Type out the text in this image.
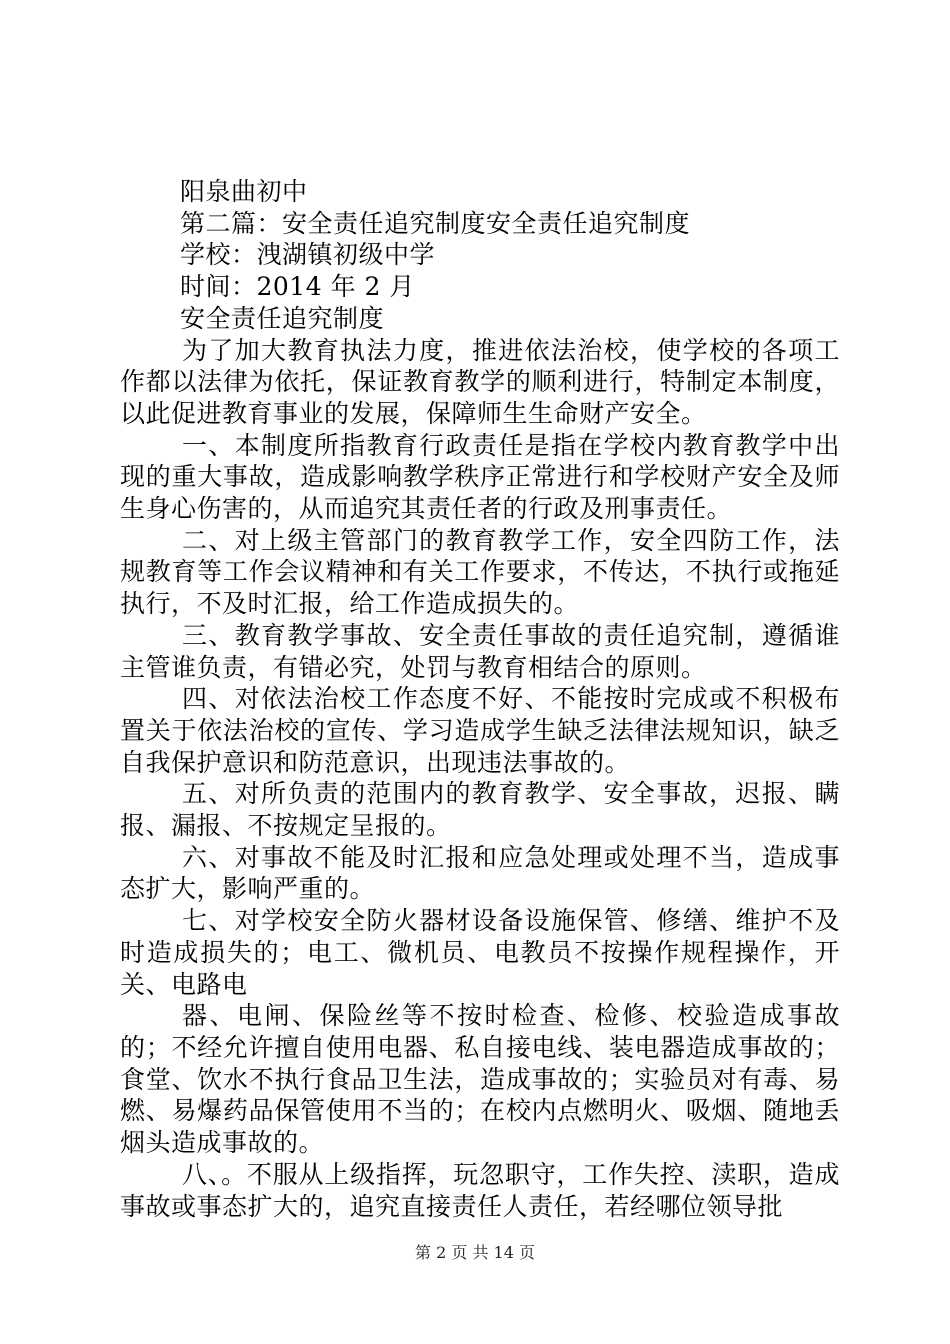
阳泉曲初中

第二篇：安全责任追究制度安全责任追究制度

学校：洩湖镇初级中学

时间：2014 年 2 月

安全责任追究制度

为了加大教育执法力度，推进依法治校，使学校的各项工作都以法律为依托，保证教育教学的顺利进行，特制定本制度，以此促进教育事业的发展，保障师生生命财产安全。

一、本制度所指教育行政责任是指在学校内教育教学中出现的重大事故，造成影响教学秩序正常进行和学校财产安全及师生身心伤害的，从而追究其责任者的行政及刑事责任。

二、对上级主管部门的教育教学工作，安全四防工作，法规教育等工作会议精神和有关工作要求，不传达，不执行或拖延执行，不及时汇报，给工作造成损失的。

三、教育教学事故、安全责任事故的责任追究制，遵循谁主管谁负责，有错必究，处罚与教育相结合的原则。

四、对依法治校工作态度不好、不能按时完成或不积极布置关于依法治校的宣传、学习造成学生缺乏法律法规知识，缺乏自我保护意识和防范意识，出现违法事故的。

五、对所负责的范围内的教育教学、安全事故，迟报、瞒报、漏报、不按规定呈报的。

六、对事故不能及时汇报和应急处理或处理不当，造成事态扩大，影响严重的。

七、对学校安全防火器材设备设施保管、修缮、维护不及时造成损失的；电工、微机员、电教员不按操作规程操作，开关、电路电

器、电闸、保险丝等不按时检查、检修、校验造成事故的；不经允许擅自使用电器、私自接电线、装电器造成事故的；食堂、饮水不执行食品卫生法，造成事故的；实验员对有毒、易燃、易爆药品保管使用不当的；在校内点燃明火、吸烟、随地丢烟头造成事故的。

八、。不服从上级指挥，玩忽职守，工作失控、渎职，造成事故或事态扩大的，追究直接责任人责任，若经哪位领导批

第 2 页 共 14 页
